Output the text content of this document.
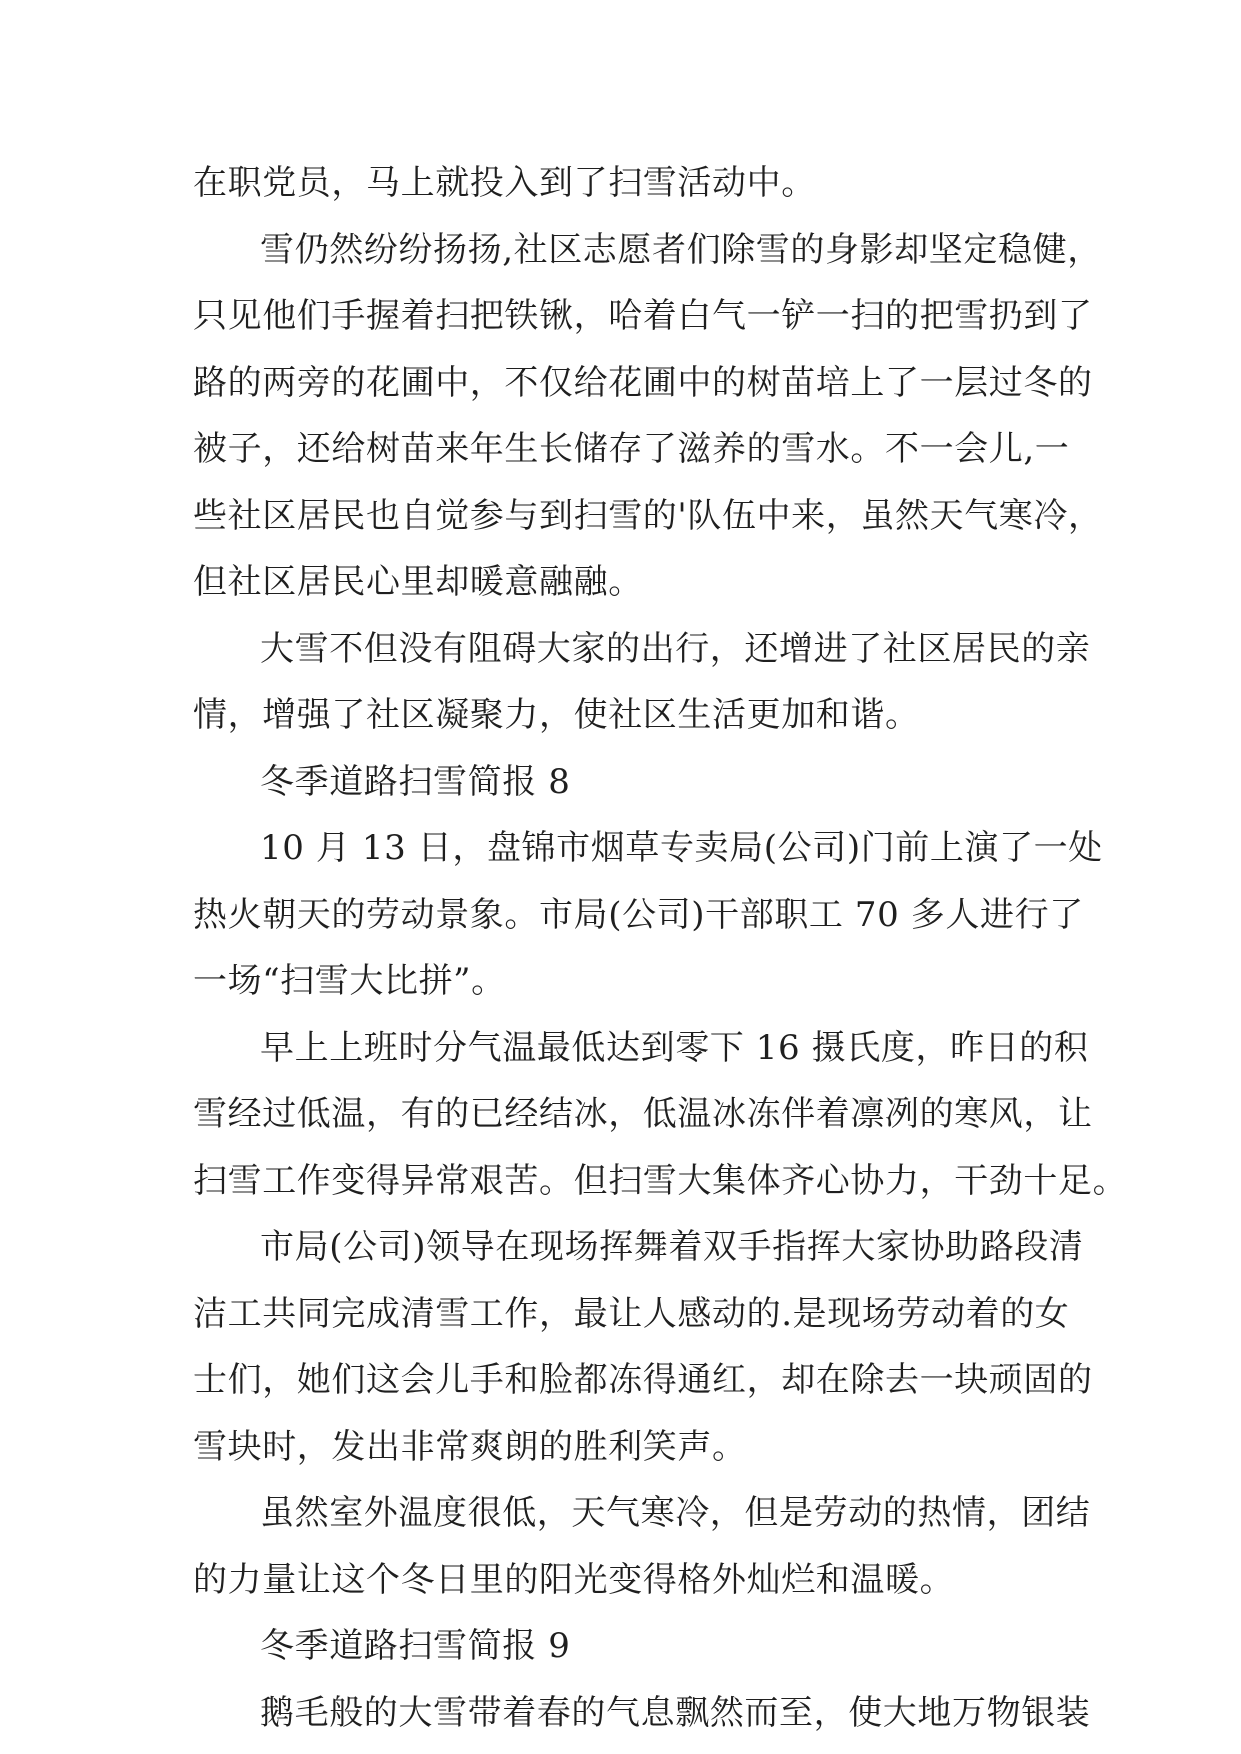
在职党员，马上就投入到了扫雪活动中。
雪仍然纷纷扬扬,社区志愿者们除雪的身影却坚定稳健，
只见他们手握着扫把铁锹，哈着白气一铲一扫的把雪扔到了
路的两旁的花圃中，不仅给花圃中的树苗培上了一层过冬的
被子，还给树苗来年生长储存了滋养的雪水。不一会儿,一
些社区居民也自觉参与到扫雪的'队伍中来，虽然天气寒冷，
但社区居民心里却暖意融融。
大雪不但没有阻碍大家的出行，还增进了社区居民的亲
情，增强了社区凝聚力，使社区生活更加和谐。
冬季道路扫雪简报 8
10 月 13 日，盘锦市烟草专卖局(公司)门前上演了一处
热火朝天的劳动景象。市局(公司)干部职工 70 多人进行了
一场“扫雪大比拼”。
早上上班时分气温最低达到零下 16 摄氏度，昨日的积
雪经过低温，有的已经结冰，低温冰冻伴着凛冽的寒风，让
扫雪工作变得异常艰苦。但扫雪大集体齐心协力，干劲十足。
市局(公司)领导在现场挥舞着双手指挥大家协助路段清
洁工共同完成清雪工作，最让人感动的.是现场劳动着的女
士们，她们这会儿手和脸都冻得通红，却在除去一块顽固的
雪块时，发出非常爽朗的胜利笑声。
虽然室外温度很低，天气寒冷，但是劳动的热情，团结
的力量让这个冬日里的阳光变得格外灿烂和温暖。
冬季道路扫雪简报 9
鹅毛般的大雪带着春的气息飘然而至，使大地万物银装
